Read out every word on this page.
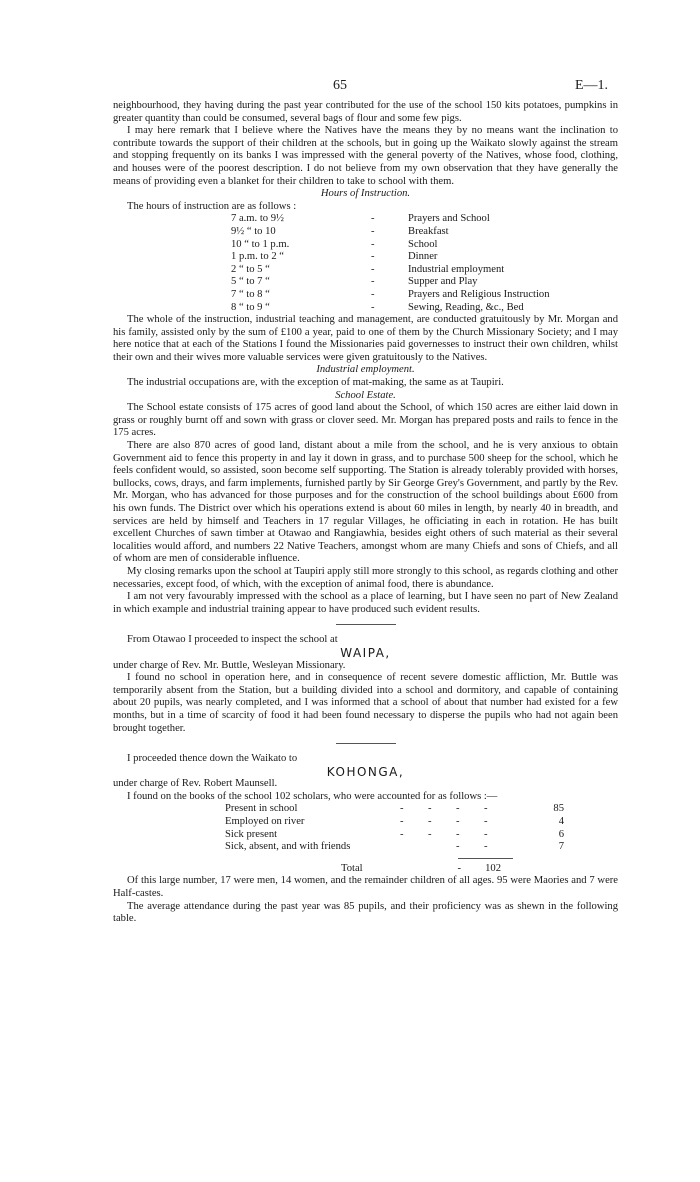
65	E—1.

neighbourhood, they having during the past year contributed for the use of the school 150 kits potatoes, pumpkins in greater quantity than could be consumed, several bags of flour and some few pigs.

I may here remark that I believe where the Natives have the means they by no means want the inclination to contribute towards the support of their children at the schools, but in going up the Waikato slowly against the stream and stopping frequently on its banks I was impressed with the general poverty of the Natives, whose food, clothing, and houses were of the poorest description. I do not believe from my own observation that they have generally the means of providing even a blanket for their children to take to school with them.

Hours of Instruction.

The hours of instruction are as follows :

7 a.m. to 9½	-	Prayers and School
9½ “ to 10	-	Breakfast
10 “ to 1 p.m.	-	School
1 p.m. to 2 “	-	Dinner
2 “ to 5 “	-	Industrial employment
5 “ to 7 “	-	Supper and Play
7 “ to 8 “	-	Prayers and Religious Instruction
8 “ to 9 “	-	Sewing, Reading, &c., Bed

The whole of the instruction, industrial teaching and management, are conducted gratuitously by Mr. Morgan and his family, assisted only by the sum of £100 a year, paid to one of them by the Church Missionary Society; and I may here notice that at each of the Stations I found the Missionaries paid governesses to instruct their own children, whilst their own and their wives more valuable services were given gratuitously to the Natives.

Industrial employment.

The industrial occupations are, with the exception of mat-making, the same as at Taupiri.

School Estate.

The School estate consists of 175 acres of good land about the School, of which 150 acres are either laid down in grass or roughly burnt off and sown with grass or clover seed. Mr. Morgan has prepared posts and rails to fence in the 175 acres.

There are also 870 acres of good land, distant about a mile from the school, and he is very anxious to obtain Government aid to fence this property in and lay it down in grass, and to purchase 500 sheep for the school, which he feels confident would, so assisted, soon become self supporting. The Station is already tolerably provided with horses, bullocks, cows, drays, and farm implements, furnished partly by Sir George Grey's Government, and partly by the Rev. Mr. Morgan, who has advanced for those purposes and for the construction of the school buildings about £600 from his own funds. The District over which his operations extend is about 60 miles in length, by nearly 40 in breadth, and services are held by himself and Teachers in 17 regular Villages, he officiating in each in rotation. He has built excellent Churches of sawn timber at Otawao and Rangiawhia, besides eight others of such material as their several localities would afford, and numbers 22 Native Teachers, amongst whom are many Chiefs and sons of Chiefs, and all of whom are men of considerable influence.

My closing remarks upon the school at Taupiri apply still more strongly to this school, as regards clothing and other necessaries, except food, of which, with the exception of animal food, there is abundance.

I am not very favourably impressed with the school as a place of learning, but I have seen no part of New Zealand in which example and industrial training appear to have produced such evident results.

From Otawao I proceeded to inspect the school at

WAIPA,

under charge of Rev. Mr. Buttle, Wesleyan Missionary.

I found no school in operation here, and in consequence of recent severe domestic affliction, Mr. Buttle was temporarily absent from the Station, but a building divided into a school and dormitory, and capable of containing about 20 pupils, was nearly completed, and I was informed that a school of about that number had existed for a few months, but in a time of scarcity of food it had been found necessary to disperse the pupils who had not again been brought together.

I proceeded thence down the Waikato to

KOHONGA,

under charge of Rev. Robert Maunsell.

I found on the books of the school 102 scholars, who were accounted for as follows :—

Present in school	-	-	-	-	85
Employed on river	-	-	-	-	4
Sick present	-	-	-	-	6
Sick, absent, and with friends	-	-	7
Total	-	102

Of this large number, 17 were men, 14 women, and the remainder children of all ages. 95 were Maories and 7 were Half-castes.

The average attendance during the past year was 85 pupils, and their proficiency was as shewn in the following table.
